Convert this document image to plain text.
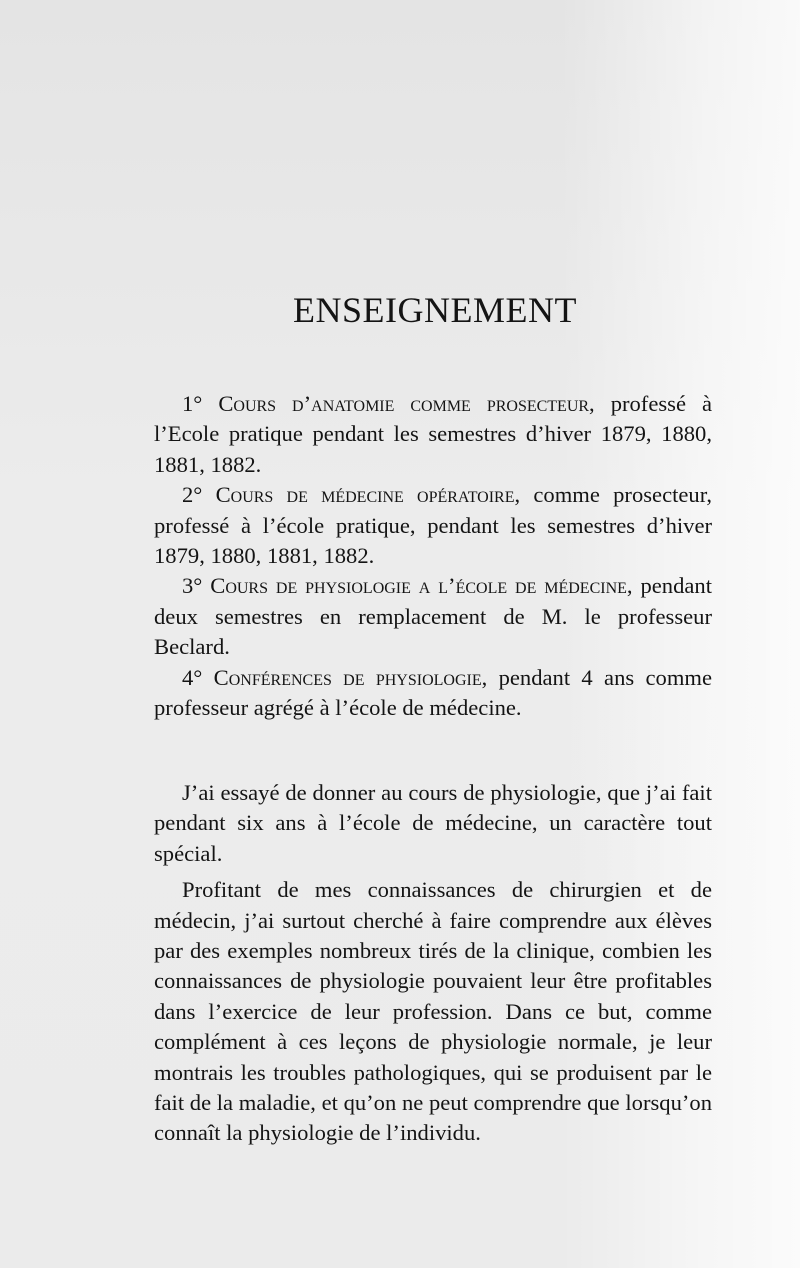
ENSEIGNEMENT

1° Cours d’anatomie comme prosecteur, professé à l’Ecole pratique pendant les semestres d’hiver 1879, 1880, 1881, 1882.

2° Cours de médecine opératoire, comme prosecteur, professé à l’école pratique, pendant les semestres d’hiver 1879, 1880, 1881, 1882.

3° Cours de physiologie a l’école de médecine, pendant deux semestres en remplacement de M. le professeur Beclard.

4° Conférences de physiologie, pendant 4 ans comme professeur agrégé à l’école de médecine.

J’ai essayé de donner au cours de physiologie, que j’ai fait pendant six ans à l’école de médecine, un caractère tout spécial.

Profitant de mes connaissances de chirurgien et de médecin, j’ai surtout cherché à faire comprendre aux élèves par des exemples nombreux tirés de la clinique, combien les connaissances de physiologie pouvaient leur être profitables dans l’exercice de leur profession. Dans ce but, comme complément à ces leçons de physiologie normale, je leur montrais les troubles pathologiques, qui se produisent par le fait de la maladie, et qu’on ne peut comprendre que lorsqu’on connaît la physiologie de l’individu.
